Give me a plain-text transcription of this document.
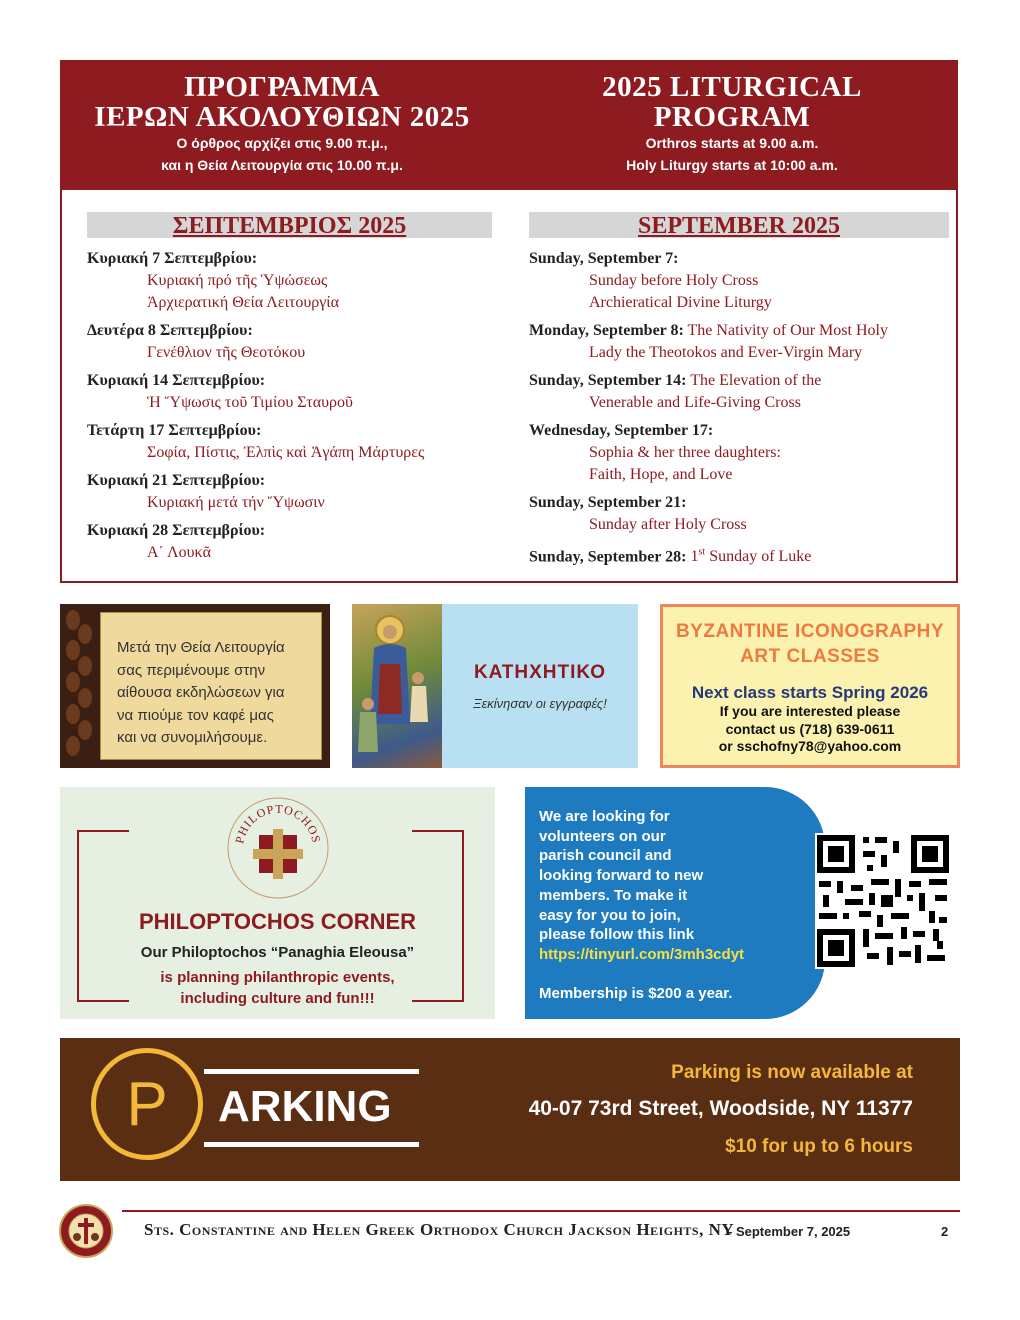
ΠΡΟΓΡΑΜΜΑ
ΙΕΡΩΝ ΑΚΟΛΟΥΘΙΩΝ 2025
Ο όρθρος αρχίζει στις 9.00 π.μ.,
και η Θεία Λειτουργία στις 10.00 π.μ.
2025 LITURGICAL
PROGRAM
Orthros starts at 9.00 a.m.
Holy Liturgy starts at 10:00 a.m.
ΣΕΠΤΕΜΒΡΙΟΣ 2025	SEPTEMBER 2025
Κυριακή 7 Σεπτεμβρίου:
Κυριακή πρό τῆς Ὑψώσεως
Ἀρχιερατική Θεία Λειτουργία
Δευτέρα 8 Σεπτεμβρίου:
Γενέθλιον τῆς Θεοτόκου
Κυριακή 14 Σεπτεμβρίου:
Ἡ Ὕψωσις τοῦ Τιμίου Σταυροῦ
Τετάρτη 17 Σεπτεμβρίου:
Σοφία, Πίστις, Ἐλπὶς καὶ Ἀγάπη Μάρτυρες
Κυριακή 21 Σεπτεμβρίου:
Κυριακή μετά τήν Ὕψωσιν
Κυριακή 28 Σεπτεμβρίου:
Α΄ Λουκᾶ
Sunday, September 7:
Sunday before Holy Cross
Archieratical Divine Liturgy
Monday, September 8: The Nativity of Our Most Holy
Lady the Theotokos and Ever-Virgin Mary
Sunday, September 14: The Elevation of the
Venerable and Life-Giving Cross
Wednesday, September 17:
Sophia & her three daughters:
Faith, Hope, and Love
Sunday, September 21:
Sunday after Holy Cross
Sunday, September 28: 1st Sunday of Luke
Μετά την Θεία Λειτουργία
σας περιμένουμε στην
αίθουσα εκδηλώσεων για
να πιούμε τον καφέ μας
και να συνομιλήσουμε.
ΚΑΤΗΧΗΤΙΚΟ
Ξεκίνησαν οι εγγραφές!
BYZANTINE ICONOGRAPHY
ART CLASSES
Next class starts Spring 2026
If you are interested please
contact us (718) 639-0611
or sschofny78@yahoo.com
PHILOPTOCHOS
PHILOPTOCHOS CORNER
Our Philoptochos “Panaghia Eleousa”
is planning philanthropic events,
including culture and fun!!!
We are looking for
volunteers on our
parish council and
looking forward to new
members. To make it
easy for you to join,
please follow this link
https://tinyurl.com/3mh3cdyt
Membership is $200 a year.
P	ARKING
Parking is now available at
40-07 73rd Street, Woodside, NY 11377
$10 for up to 6 hours
Sts. Constantine and Helen Greek Orthodox Church Jackson Heights, NY
- September 7, 2025	2
